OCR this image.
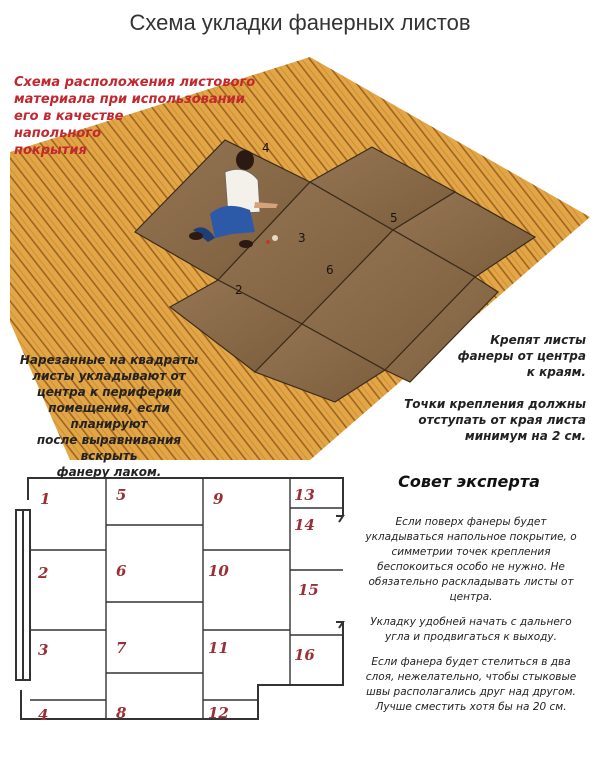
Схема укладки фанерных листов
4
3
5
6
2
Схема расположения листового
материала при использовании
его в качестве
напольного
покрытия
Нарезанные на квадраты
листы укладывают от
центра к периферии
помещения, если планируют
после выравнивания вскрыть
фанеру лаком.
Крепят листы
фанеры от центра
к краям.
Точки крепления должны
отступать от края листа
минимум на 2 см.
1
2
3
4
5
6
7
8
9
10
11
12
13
14
15
16
Совет эксперта

Если поверх фанеры будет укладываться напольное покрытие, о симметрии точек крепления беспокоиться особо не нужно. Не обязательно раскладывать листы от центра.

Укладку удобней начать с дальнего угла и продвигаться к выходу.

Если фанера будет стелиться в два слоя, нежелательно, чтобы стыковые швы располагались друг над другом. Лучше сместить хотя бы на 20 см.
